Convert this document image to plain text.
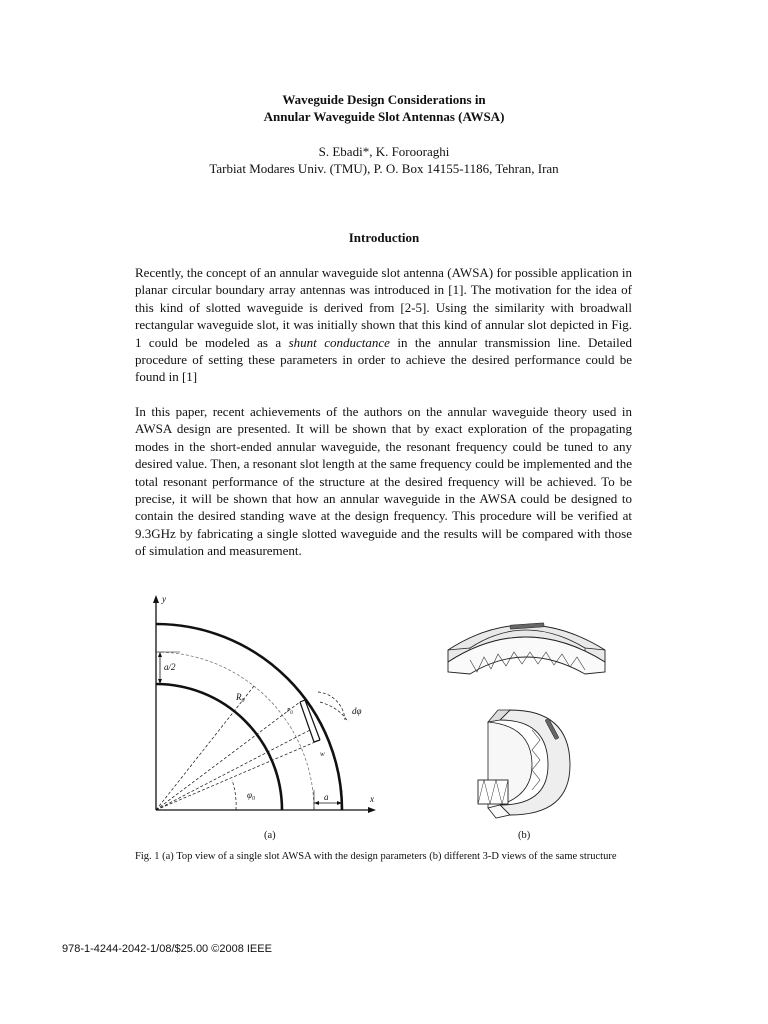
Waveguide Design Considerations in
Annular Waveguide Slot Antennas (AWSA)
S. Ebadi*, K. Forooraghi
Tarbiat Modares Univ. (TMU), P. O. Box 14155-1186, Tehran, Iran
Introduction
Recently, the concept of an annular waveguide slot antenna (AWSA) for possible application in planar circular boundary array antennas was introduced in [1]. The motivation for the idea of this kind of slotted waveguide is derived from [2-5]. Using the similarity with broadwall rectangular waveguide slot, it was initially shown that this kind of annular slot depicted in Fig. 1 could be modeled as a shunt conductance in the annular transmission line. Detailed procedure of setting these parameters in order to achieve the desired performance could be found in [1]
In this paper, recent achievements of the authors on the annular waveguide theory used in AWSA design are presented. It will be shown that by exact exploration of the propagating modes in the short-ended annular waveguide, the resonant frequency could be tuned to any desired value. Then, a resonant slot length at the same frequency could be implemented and the total resonant performance of the structure at the desired frequency will be achieved. To be precise, it will be shown that how an annular waveguide in the AWSA could be designed to contain the desired standing wave at the design frequency. This procedure will be verified at 9.3GHz by fabricating a single slotted waveguide and the results will be compared with those of simulation and measurement.
a/2
y
x
$R_0$
$r_0$	dφ
w
$\varphi_0$	a
(a)	(b)
Fig. 1 (a) Top view of a single slot AWSA with the design parameters (b) different 3-D views of the same structure
978-1-4244-2042-1/08/$25.00 ©2008 IEEE
